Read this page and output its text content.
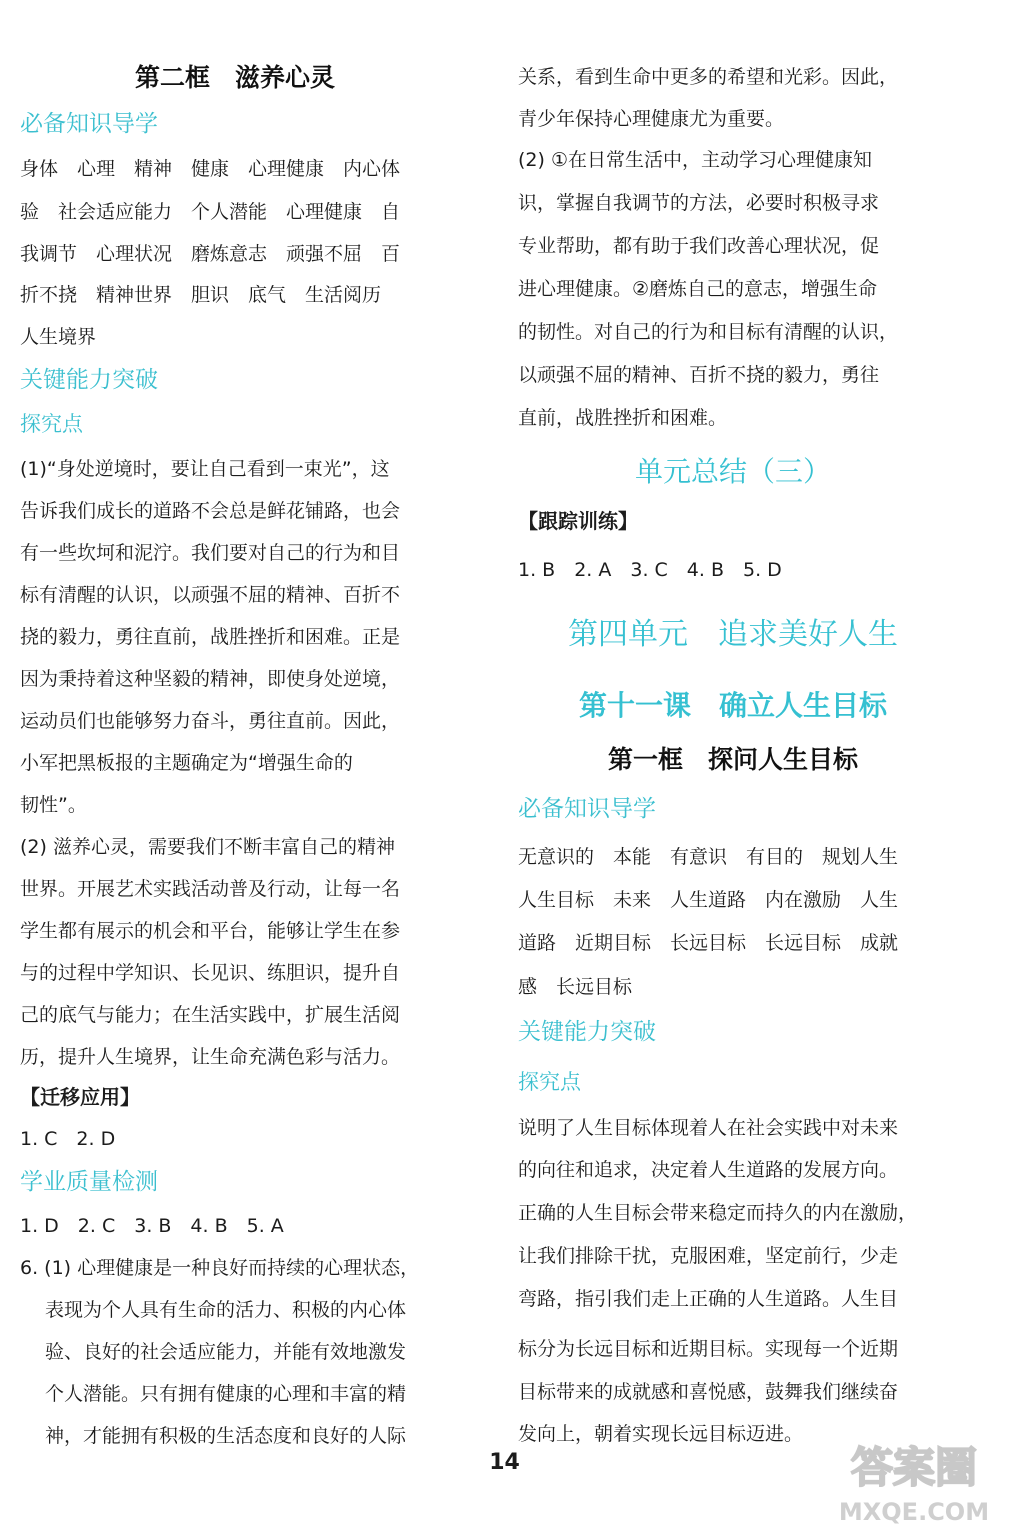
第二框　滋养心灵
必备知识导学
身体　心理　精神　健康　心理健康　内心体
验　社会适应能力　个人潜能　心理健康　自
我调节　心理状况　磨炼意志　顽强不屈　百
折不挠　精神世界　胆识　底气　生活阅历
人生境界
关键能力突破
探究点
(1)“身处逆境时，要让自己看到一束光”，这
告诉我们成长的道路不会总是鲜花铺路，也会
有一些坎坷和泥泞。我们要对自己的行为和目
标有清醒的认识，以顽强不屈的精神、百折不
挠的毅力，勇往直前，战胜挫折和困难。正是
因为秉持着这种坚毅的精神，即使身处逆境，
运动员们也能够努力奋斗，勇往直前。因此，
小军把黑板报的主题确定为“增强生命的
韧性”。
(2) 滋养心灵，需要我们不断丰富自己的精神
世界。开展艺术实践活动普及行动，让每一名
学生都有展示的机会和平台，能够让学生在参
与的过程中学知识、长见识、练胆识，提升自
己的底气与能力；在生活实践中，扩展生活阅
历，提升人生境界，让生命充满色彩与活力。
【迁移应用】
1. C　2. D
学业质量检测
1. D　2. C　3. B　4. B　5. A
6. (1) 心理健康是一种良好而持续的心理状态，
　 表现为个人具有生命的活力、积极的内心体
　 验、良好的社会适应能力，并能有效地激发
　 个人潜能。只有拥有健康的心理和丰富的精
　 神，才能拥有积极的生活态度和良好的人际
关系，看到生命中更多的希望和光彩。因此，
青少年保持心理健康尤为重要。
(2) ①在日常生活中，主动学习心理健康知
识，掌握自我调节的方法，必要时积极寻求
专业帮助，都有助于我们改善心理状况，促
进心理健康。②磨炼自己的意志，增强生命
的韧性。对自己的行为和目标有清醒的认识，
以顽强不屈的精神、百折不挠的毅力，勇往
直前，战胜挫折和困难。
单元总结（三）
【跟踪训练】
1. B　2. A　3. C　4. B　5. D
第四单元　追求美好人生
第十一课　确立人生目标
第一框　探问人生目标
必备知识导学
无意识的　本能　有意识　有目的　规划人生
人生目标　未来　人生道路　内在激励　人生
道路　近期目标　长远目标　长远目标　成就
感　长远目标
关键能力突破
探究点
说明了人生目标体现着人在社会实践中对未来
的向往和追求，决定着人生道路的发展方向。
正确的人生目标会带来稳定而持久的内在激励，
让我们排除干扰，克服困难，坚定前行，少走
弯路，指引我们走上正确的人生道路。人生目
标分为长远目标和近期目标。实现每一个近期
目标带来的成就感和喜悦感，鼓舞我们继续奋
发向上，朝着实现长远目标迈进。
14	答案圈
MXQE.COM
